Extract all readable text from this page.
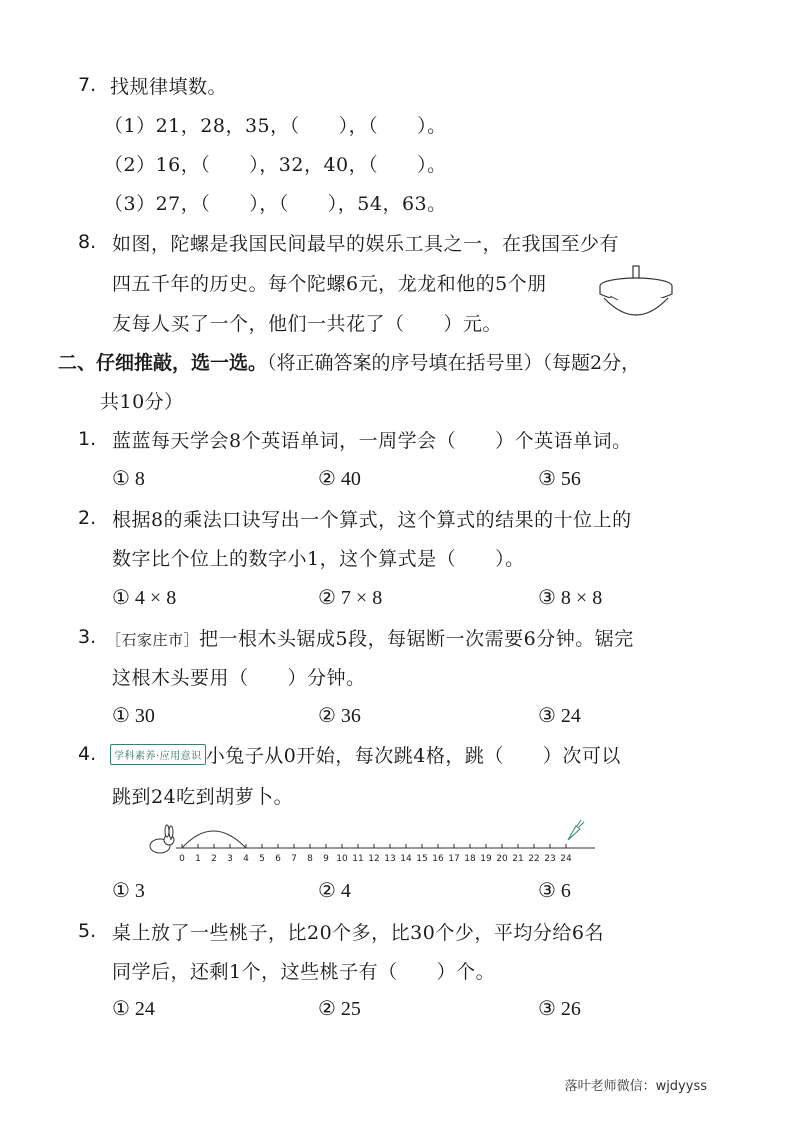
7. 找规律填数。
（1）21，28，35，（　　），（　　）。
（2）16，（　　），32，40，（　　）。
（3）27，（　　），（　　），54，63。
8. 如图，陀螺是我国民间最早的娱乐工具之一，在我国至少有
四五千年的历史。每个陀螺6元，龙龙和他的5个朋
友每人买了一个，他们一共花了（　　）元。
二、仔细推敲，选一选。（将正确答案的序号填在括号里）（每题2分，
共10分）
1. 蓝蓝每天学会8个英语单词，一周学会（　　）个英语单词。
① 8	② 40	③ 56
2. 根据8的乘法口诀写出一个算式，这个算式的结果的十位上的
数字比个位上的数字小1，这个算式是（　　）。
① 4 × 8	② 7 × 8	③ 8 × 8
3. ［石家庄市］把一根木头锯成5段，每锯断一次需要6分钟。锯完
这根木头要用（　　）分钟。
① 30	② 36	③ 24
4.	学科素养·应用意识 小兔子从0开始，每次跳4格，跳（　　）次可以
跳到24吃到胡萝卜。
0 1 2 3 4 5 6 7 8 9 10 11 12 13 14 15 16 17 18 19 20 21 22 23 24
① 3	② 4	③ 6
5. 桌上放了一些桃子，比20个多，比30个少，平均分给6名
同学后，还剩1个，这些桃子有（　　）个。
① 24	② 25	③ 26
落叶老师微信：wjdyyss
